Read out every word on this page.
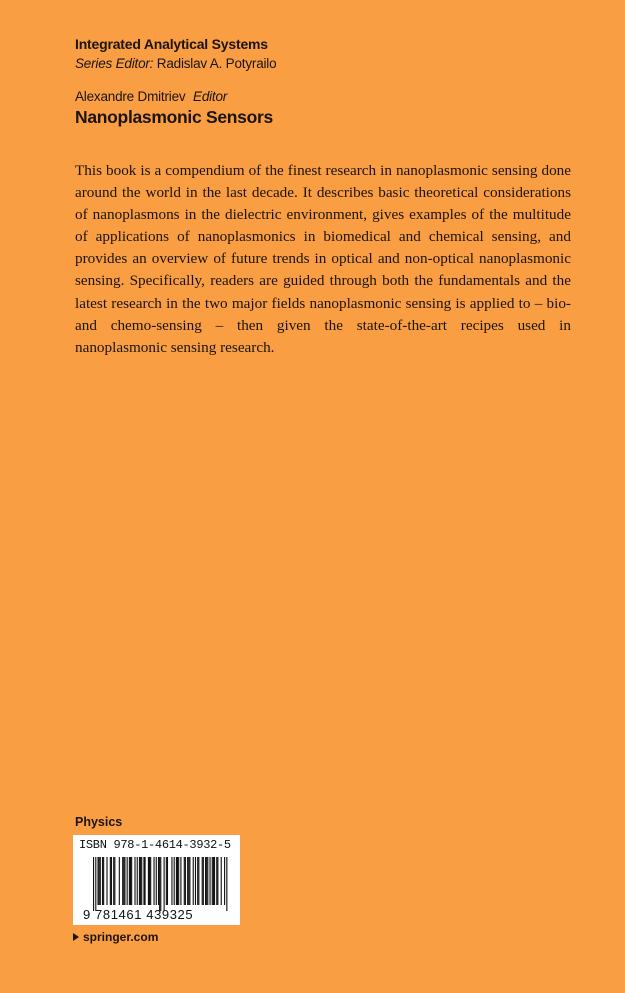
Integrated Analytical Systems
Series Editor: Radislav A. Potyrailo
Alexandre Dmitriev Editor
Nanoplasmonic Sensors

This book is a compendium of the finest research in nanoplasmonic sensing done around the world in the last decade. It describes basic theoretical considerations of nanoplasmons in the dielectric environment, gives examples of the multitude of applications of nanoplasmonics in biomedical and chemical sensing, and provides an overview of future trends in optical and non-optical nanoplasmonic sensing. Specifically, readers are guided through both the fundamentals and the latest research in the two major fields nanoplasmonic sensing is applied to – bio- and chemo-sensing – then given the state-of-the-art recipes used in nanoplasmonic sensing research.

Physics
ISBN 978-1-4614-3932-5
9 781461 439325
springer.com
